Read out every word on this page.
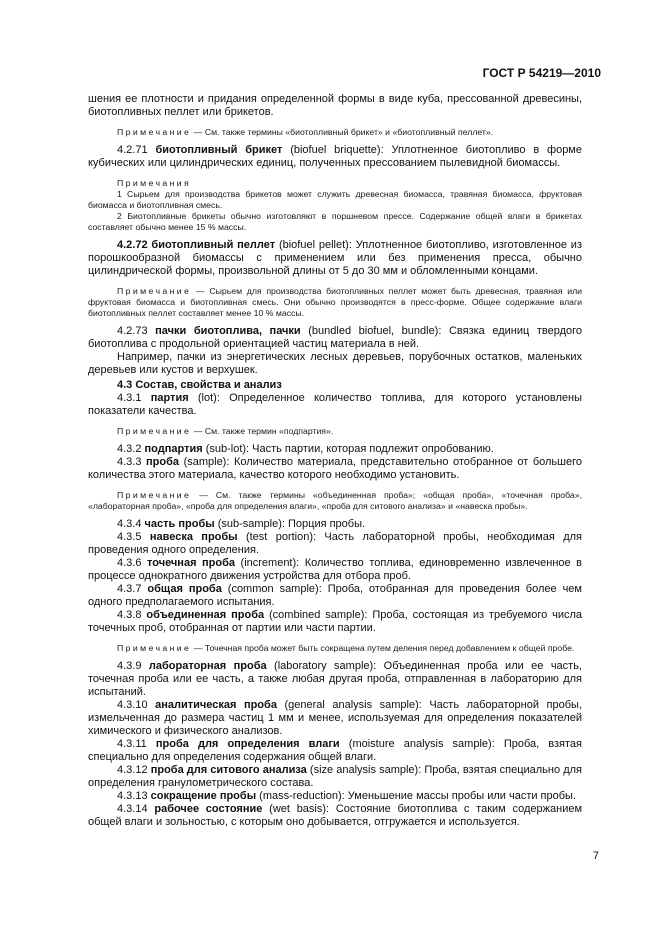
ГОСТ Р 54219—2010

шения ее плотности и придания определенной формы в виде куба, прессованной древесины, биотопливных пеллет или брикетов.

Примечание — См. также термины «биотопливный брикет» и «биотопливный пеллет».

4.2.71 биотопливный брикет (biofuel briquette): Уплотненное биотопливо в форме кубических или цилиндрических единиц, полученных прессованием пылевидной биомассы.

Примечания

1 Сырьем для производства брикетов может служить древесная биомасса, травяная биомасса, фруктовая биомасса и биотопливная смесь.

2 Биотопливные брикеты обычно изготовляют в поршневом прессе. Содержание общей влаги в брикетах составляет обычно менее 15 % массы.

4.2.72 биотопливный пеллет (biofuel pellet): Уплотненное биотопливо, изготовленное из порошкообразной биомассы с применением или без применения пресса, обычно цилиндрической формы, произвольной длины от 5 до 30 мм и обломленными концами.

Примечание — Сырьем для производства биотопливных пеллет может быть древесная, травяная или фруктовая биомасса и биотопливная смесь. Они обычно производятся в пресс-форме. Общее содержание влаги биотопливных пеллет составляет менее 10 % массы.

4.2.73 пачки биотоплива, пачки (bundled biofuel, bundle): Связка единиц твердого биотоплива с продольной ориентацией частиц материала в ней.

Например, пачки из энергетических лесных деревьев, порубочных остатков, маленьких деревьев или кустов и верхушек.

4.3 Состав, свойства и анализ

4.3.1 партия (lot): Определенное количество топлива, для которого установлены показатели качества.

Примечание — См. также термин «подпартия».

4.3.2 подпартия (sub-lot): Часть партии, которая подлежит опробованию.

4.3.3 проба (sample): Количество материала, представительно отобранное от большего количества этого материала, качество которого необходимо установить.

Примечание — См. также термины «объединенная проба»; «общая проба», «точечная проба», «лабораторная проба», «проба для определения влаги», «проба для ситового анализа» и «навеска пробы».

4.3.4 часть пробы (sub-sample): Порция пробы.

4.3.5 навеска пробы (test portion): Часть лабораторной пробы, необходимая для проведения одного определения.

4.3.6 точечная проба (increment): Количество топлива, единовременно извлеченное в процессе однократного движения устройства для отбора проб.

4.3.7 общая проба (common sample): Проба, отобранная для проведения более чем одного предполагаемого испытания.

4.3.8 объединенная проба (combined sample): Проба, состоящая из требуемого числа точечных проб, отобранная от партии или части партии.

Примечание — Точечная проба может быть сокращена путем деления перед добавлением к общей пробе.

4.3.9 лабораторная проба (laboratory sample): Объединенная проба или ее часть, точечная проба или ее часть, а также любая другая проба, отправленная в лабораторию для испытаний.

4.3.10 аналитическая проба (general analysis sample): Часть лабораторной пробы, измельченная до размера частиц 1 мм и менее, используемая для определения показателей химического и физического анализов.

4.3.11 проба для определения влаги (moisture analysis sample): Проба, взятая специально для определения содержания общей влаги.

4.3.12 проба для ситового анализа (size analysis sample): Проба, взятая специально для определения гранулометрического состава.

4.3.13 сокращение пробы (mass-reduction): Уменьшение массы пробы или части пробы.

4.3.14 рабочее состояние (wet basis): Состояние биотоплива с таким содержанием общей влаги и зольностью, с которым оно добывается, отгружается и используется.

7
